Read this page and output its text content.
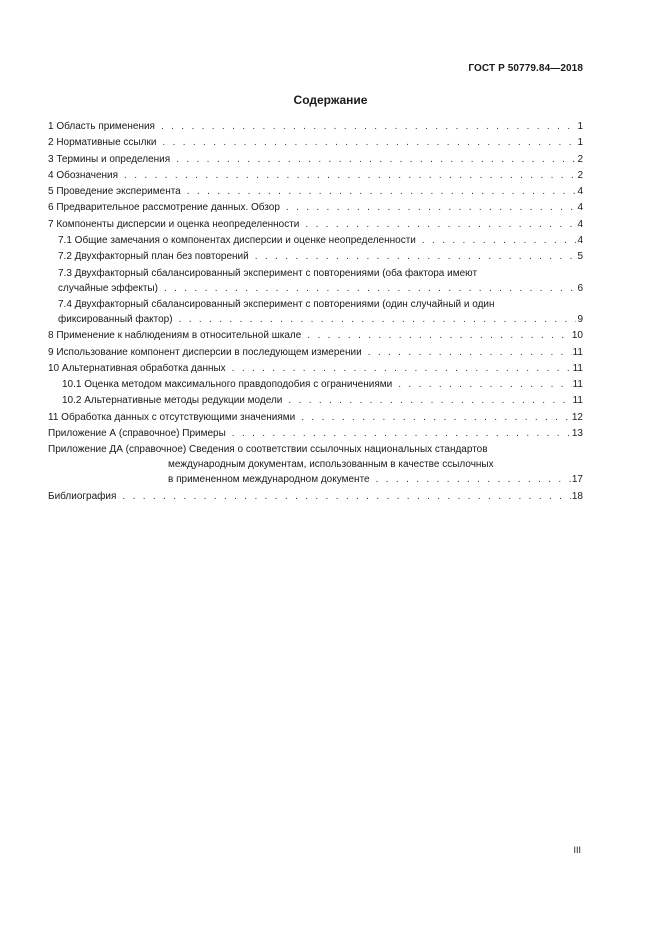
ГОСТ Р 50779.84—2018
Содержание
1 Область применения . . .	1
2 Нормативные ссылки . . .	1
3 Термины и определения . . .	2
4 Обозначения . . .	2
5 Проведение эксперимента . . .	4
6 Предварительное рассмотрение данных. Обзор . . .	4
7 Компоненты дисперсии и оценка неопределенности . . .	4
7.1 Общие замечания о компонентах дисперсии и оценке неопределенности . . .	4
7.2 Двухфакторный план без повторений . . .	5
7.3 Двухфакторный сбалансированный эксперимент с повторениями (оба фактора имеют
случайные эффекты) . . .	6
7.4 Двухфакторный сбалансированный эксперимент с повторениями (один случайный и один
фиксированный фактор) . . .	9
8 Применение к наблюдениям в относительной шкале . . .	10
9 Использование компонент дисперсии в последующем измерении . . .	11
10 Альтернативная обработка данных . . .	11
10.1 Оценка методом максимального правдоподобия с ограничениями . . .	11
10.2 Альтернативные методы редукции модели . . .	11
11 Обработка данных с отсутствующими значениями . . .	12
Приложение А (справочное) Примеры . . .	13
Приложение ДА (справочное) Сведения о соответствии ссылочных национальных стандартов
международным документам, использованным в качестве ссылочных
в примененном международном документе . . .	17
Библиография . . .	18
III
